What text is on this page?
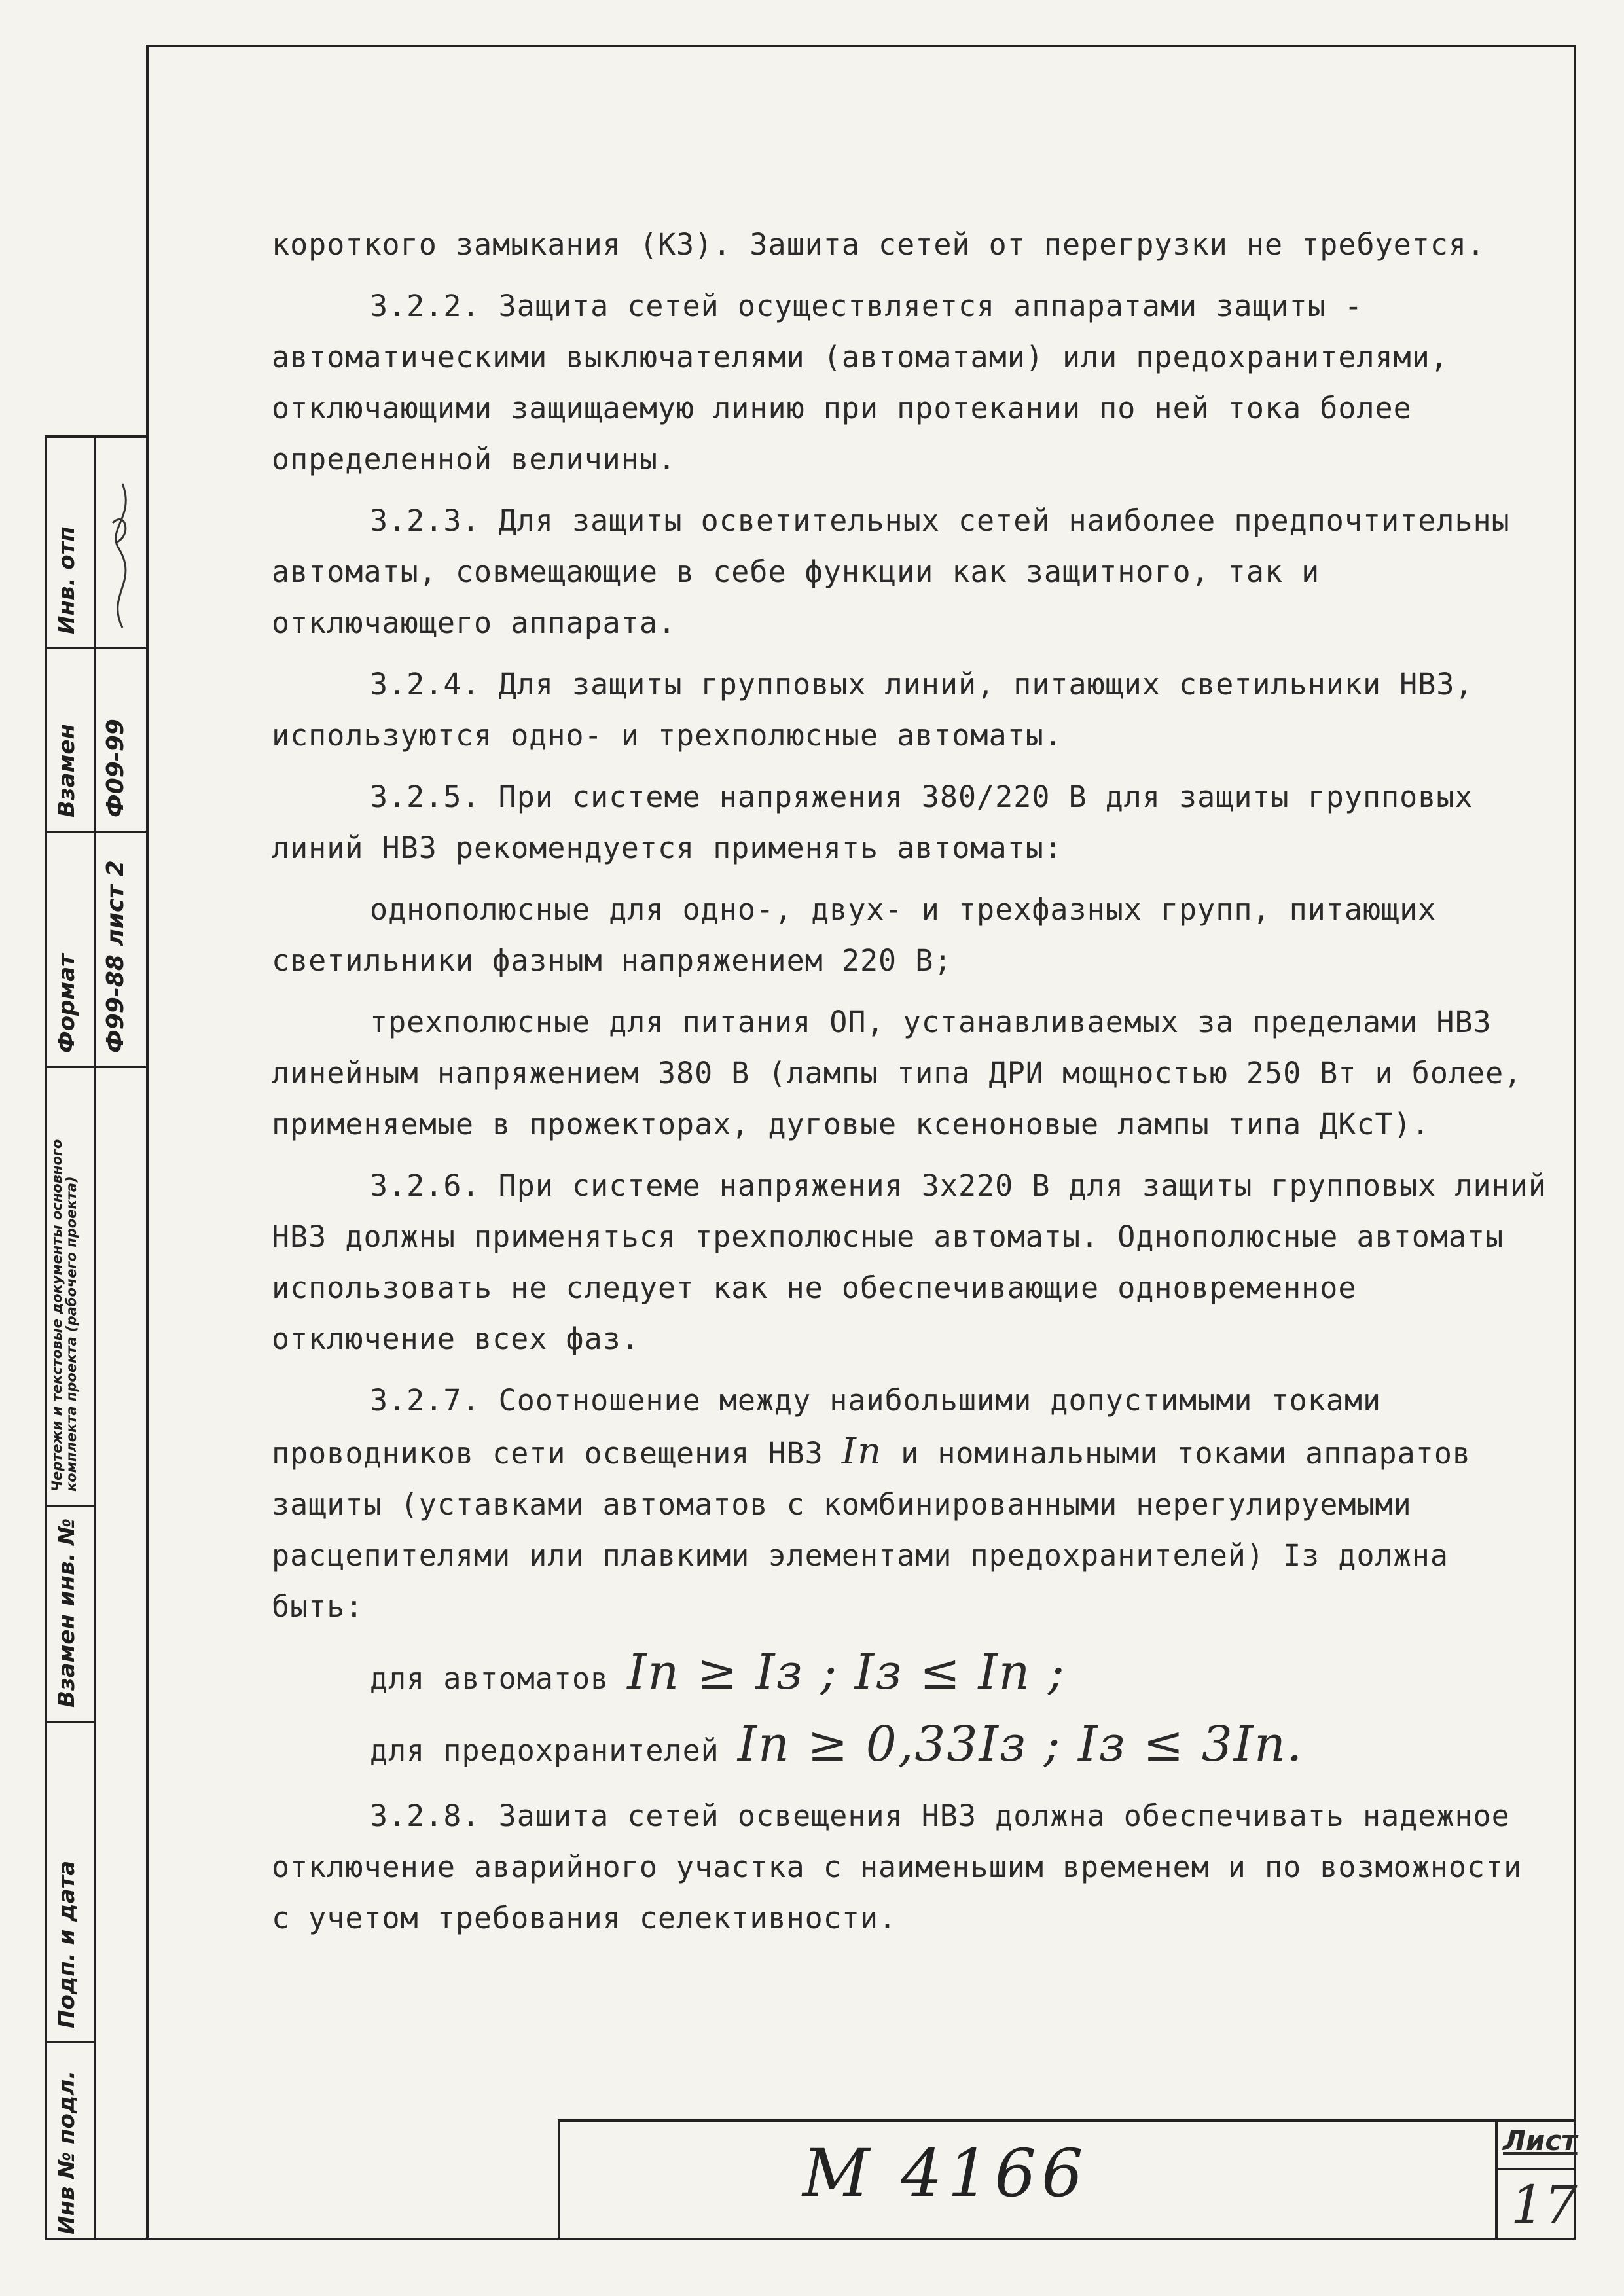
Инв № подл.
Подп. и дата
Взамен инв. №
Чертежи и текстовые документы основного комплекта проекта (рабочего проекта)
Формат
Взамен
Инв. отп
Ф99-88 лист 2
Ф09-99

короткого замыкания (КЗ). Зашита сетей от перегрузки не требуется.

3.2.2. Защита сетей осуществляется аппаратами защиты - автоматическими выключателями (автоматами) или предохранителями, отключающими защищаемую линию при протекании по ней тока более определенной величины.

3.2.3. Для защиты осветительных сетей наиболее предпочтительны автоматы, совмещающие в себе функции как защитного, так и отключающего аппарата.

3.2.4. Для защиты групповых линий, питающих светильники НВЗ, используются одно- и трехполюсные автоматы.

3.2.5. При системе напряжения 380/220 В для защиты групповых линий НВЗ рекомендуется применять автоматы:

однополюсные для одно-, двух- и трехфазных групп, питающих светильники фазным напряжением 220 В;

трехполюсные для питания ОП, устанавливаемых за пределами НВЗ линейным напряжением 380 В (лампы типа ДРИ мощностью 250 Вт и более, применяемые в прожекторах, дуговые ксеноновые лампы типа ДКсТ).

3.2.6. При системе напряжения 3х220 В для защиты групповых линий НВЗ должны применяться трехполюсные автоматы. Однополюсные автоматы использовать не следует как не обеспечивающие одновременное отключение всех фаз.

3.2.7. Соотношение между наибольшими допустимыми токами проводников сети освещения НВЗ Iп и номинальными токами аппаратов защиты (уставками автоматов с комбинированными нерегулируемыми расцепителями или плавкими элементами предохранителей) Iз должна быть:

для автоматов Iп ≥ Iз ; Iз ≤ Iп ;
для предохранителей Iп ≥ 0,33Iз ; Iз ≤ 3Iп.

3.2.8. Зашита сетей освещения НВЗ должна обеспечивать надежное отключение аварийного участка с наименьшим временем и по возможности с учетом требования селективности.

М 4166	Лист
17
